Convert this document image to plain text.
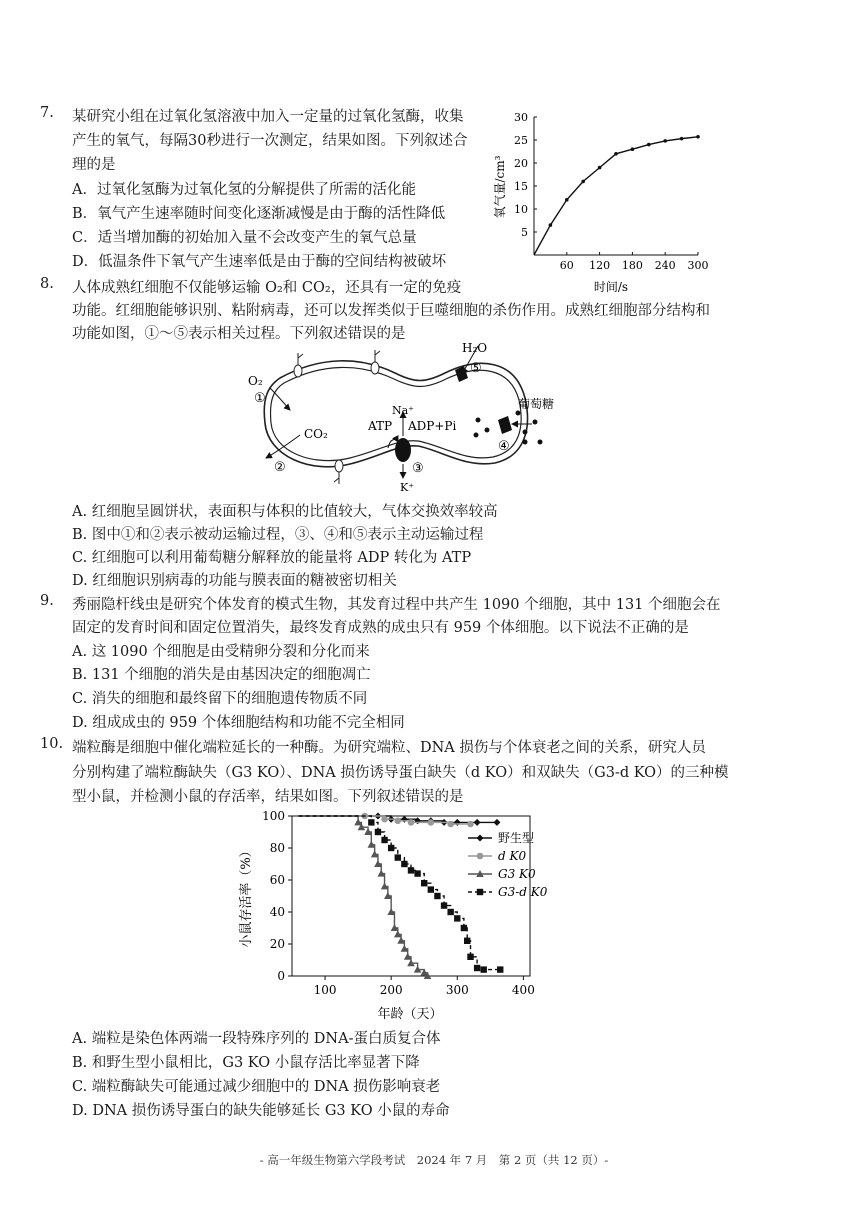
7. 某研究小组在过氧化氢溶液中加入一定量的过氧化氢酶，收集
产生的氧气，每隔30秒进行一次测定，结果如图。下列叙述合
理的是
A．过氧化氢酶为过氧化氢的分解提供了所需的活化能
B．氧气产生速率随时间变化逐渐减慢是由于酶的活性降低
C．适当增加酶的初始加入量不会改变产生的氧气总量
D．低温条件下氧气产生速率低是由于酶的空间结构被破坏	60 120 180 240 300
5
10
15
20
25
30
氧气量/cm³
时间/s
8. 人体成熟红细胞不仅能够运输 O₂和 CO₂，还具有一定的免疫
功能。红细胞能够识别、粘附病毒，还可以发挥类似于巨噬细胞的杀伤作用。成熟红细胞部分结构和
功能如图，①～⑤表示相关过程。下列叙述错误的是
O₂
CO₂
H₂O
葡萄糖
Na⁺
K⁺
ATP ADP+Pi
①
②	③
④
⑤
A. 红细胞呈圆饼状，表面积与体积的比值较大，气体交换效率较高
B. 图中①和②表示被动运输过程，③、④和⑤表示主动运输过程
C. 红细胞可以利用葡萄糖分解释放的能量将 ADP 转化为 ATP
D. 红细胞识别病毒的功能与膜表面的糖被密切相关
9. 秀丽隐杆线虫是研究个体发育的模式生物，其发育过程中共产生 1090 个细胞，其中 131 个细胞会在
固定的发育时间和固定位置消失，最终发育成熟的成虫只有 959 个体细胞。以下说法不正确的是
A. 这 1090 个细胞是由受精卵分裂和分化而来
B. 131 个细胞的消失是由基因决定的细胞凋亡
C. 消失的细胞和最终留下的细胞遗传物质不同
D. 组成成虫的 959 个体细胞结构和功能不完全相同
10. 端粒酶是细胞中催化端粒延长的一种酶。为研究端粒、DNA 损伤与个体衰老之间的关系，研究人员
分别构建了端粒酶缺失（G3 KO）、DNA 损伤诱导蛋白缺失（d KO）和双缺失（G3-d KO）的三种模
型小鼠，并检测小鼠的存活率，结果如图。下列叙述错误的是
100	200	300	400
0
20
40
60
80
100
野生型
d K0
G3 K0
G3-d K0
小鼠存活率（%）
年龄（天）
A. 端粒是染色体两端一段特殊序列的 DNA-蛋白质复合体
B. 和野生型小鼠相比，G3 KO 小鼠存活比率显著下降
C. 端粒酶缺失可能通过减少细胞中的 DNA 损伤影响衰老
D. DNA 损伤诱导蛋白的缺失能够延长 G3 KO 小鼠的寿命
- 高一年级生物第六学段考试　2024 年 7 月　第 2 页（共 12 页）-
